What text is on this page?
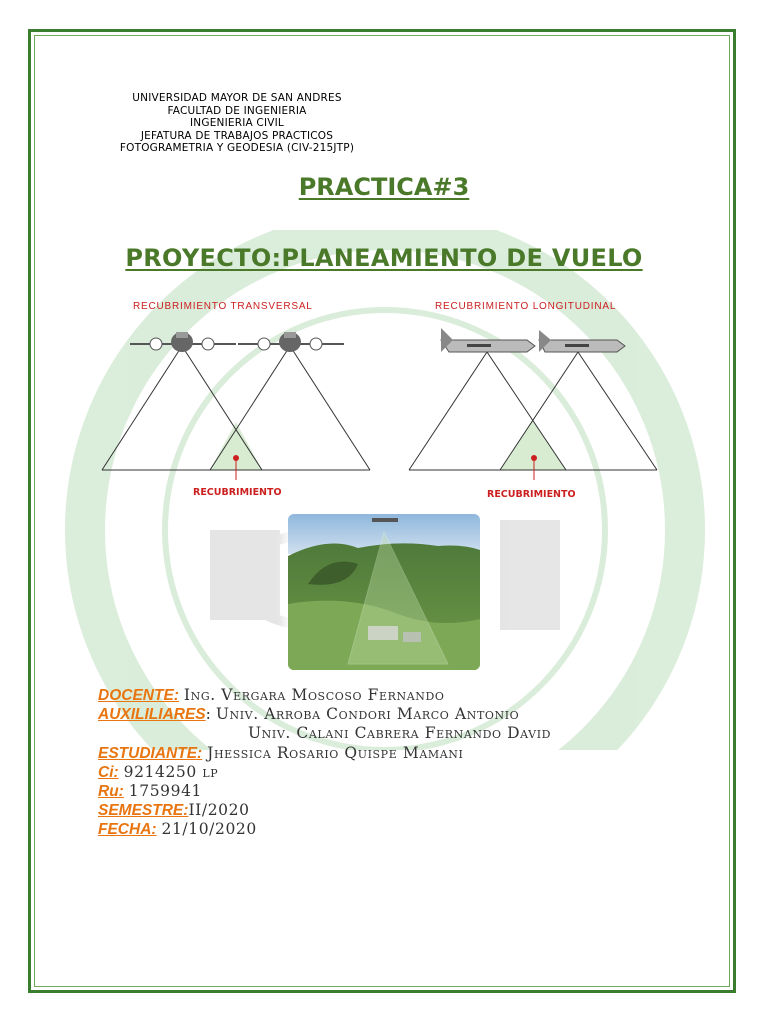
UNIVERSIDAD MAYOR DE SAN ANDRES
FACULTAD DE INGENIERIA
INGENIERIA CIVIL
JEFATURA DE TRABAJOS PRACTICOS
FOTOGRAMETRIA Y GEODESIA (CIV-215JTP)
PRACTICA#3
PROYECTO:PLANEAMIENTO DE VUELO
RECUBRIMIENTO TRANSVERSAL
RECUBRIMIENTO
RECUBRIMIENTO LONGITUDINAL
RECUBRIMIENTO
DOCENTE: Ing. Vergara Moscoso Fernando
AUXILILIARES: Univ. Arroba Condori Marco Antonio
Univ. Calani Cabrera Fernando David
ESTUDIANTE: Jhessica Rosario Quispe Mamani
Ci: 9214250 lp
Ru: 1759941
SEMESTRE:II/2020
FECHA: 21/10/2020
